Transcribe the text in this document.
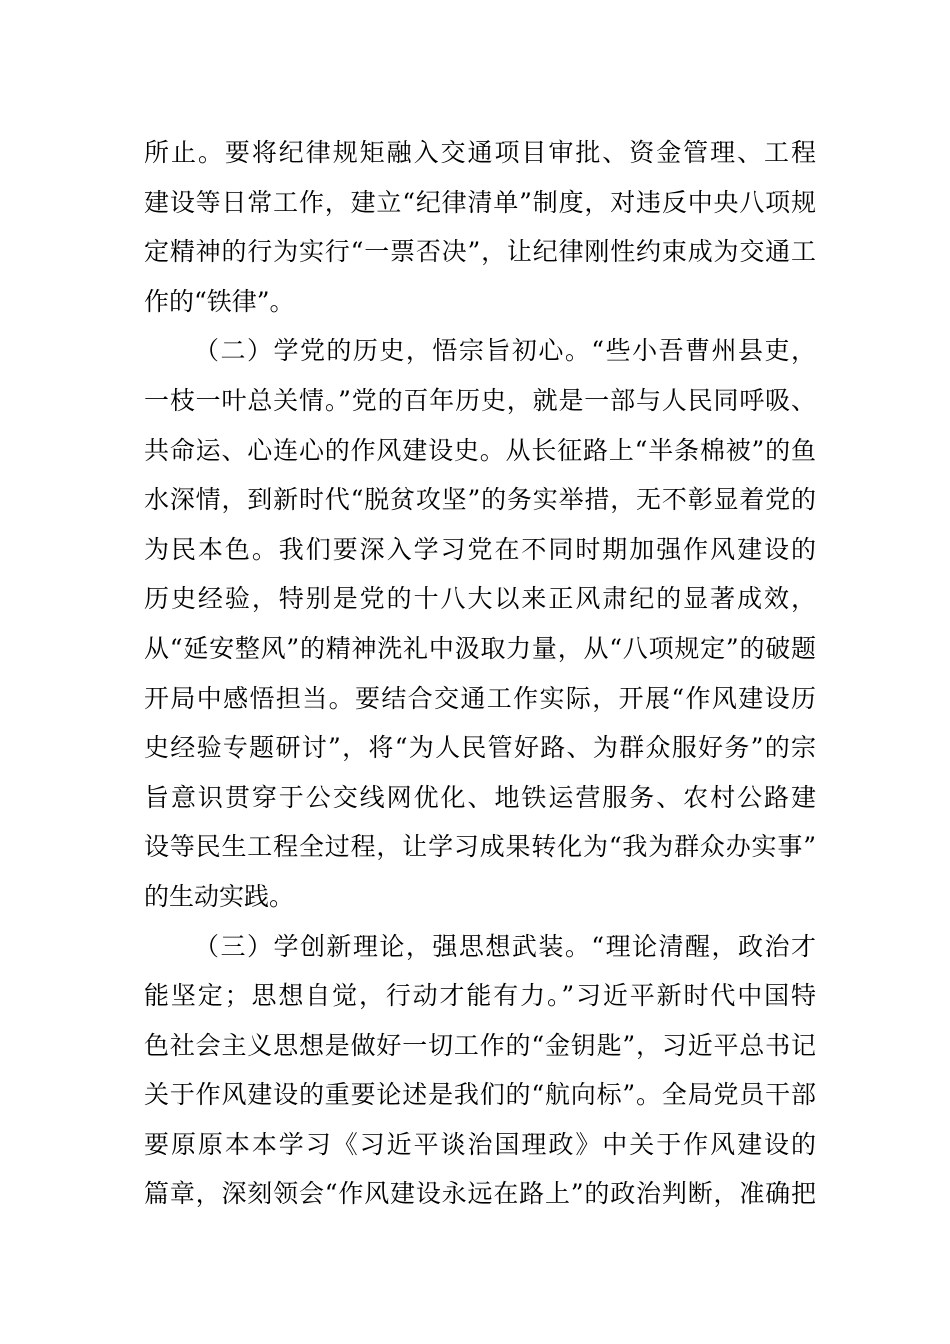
所止。要将纪律规矩融入交通项目审批、资金管理、工程
建设等日常工作，建立“纪律清单”制度，对违反中央八项规
定精神的行为实行“一票否决”，让纪律刚性约束成为交通工
作的“铁律”。
（二）学党的历史，悟宗旨初心。“些小吾曹州县吏，
一枝一叶总关情。”党的百年历史，就是一部与人民同呼吸、
共命运、心连心的作风建设史。从长征路上“半条棉被”的鱼
水深情，到新时代“脱贫攻坚”的务实举措，无不彰显着党的
为民本色。我们要深入学习党在不同时期加强作风建设的
历史经验，特别是党的十八大以来正风肃纪的显著成效，
从“延安整风”的精神洗礼中汲取力量，从“八项规定”的破题
开局中感悟担当。要结合交通工作实际，开展“作风建设历
史经验专题研讨”，将“为人民管好路、为群众服好务”的宗
旨意识贯穿于公交线网优化、地铁运营服务、农村公路建
设等民生工程全过程，让学习成果转化为“我为群众办实事”
的生动实践。
（三）学创新理论，强思想武装。“理论清醒，政治才
能坚定；思想自觉，行动才能有力。”习近平新时代中国特
色社会主义思想是做好一切工作的“金钥匙”，习近平总书记
关于作风建设的重要论述是我们的“航向标”。全局党员干部
要原原本本学习《习近平谈治国理政》中关于作风建设的
篇章，深刻领会“作风建设永远在路上”的政治判断，准确把
